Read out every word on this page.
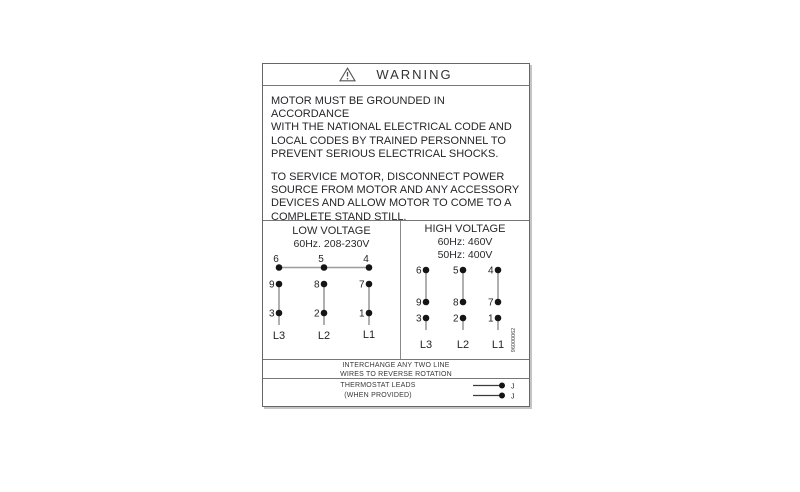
WARNING
MOTOR MUST BE GROUNDED IN ACCORDANCE
WITH THE NATIONAL ELECTRICAL CODE AND
LOCAL CODES BY TRAINED PERSONNEL TO
PREVENT SERIOUS ELECTRICAL SHOCKS.
TO SERVICE MOTOR, DISCONNECT POWER
SOURCE FROM MOTOR AND ANY ACCESSORY
DEVICES AND ALLOW MOTOR TO COME TO A
COMPLETE STAND STILL.
LOW VOLTAGE
60Hz. 208-230V
6	5	4
9	8	7
3	2	1
L3	L2	L1
HIGH VOLTAGE
60Hz: 460V
50Hz: 400V
6	5	4
9	8	7
3	2	1
L3 L2 L1 96000062
INTERCHANGE ANY TWO LINE
WIRES TO REVERSE ROTATION
THERMOSTAT LEADS
(WHEN PROVIDED)
J
J
